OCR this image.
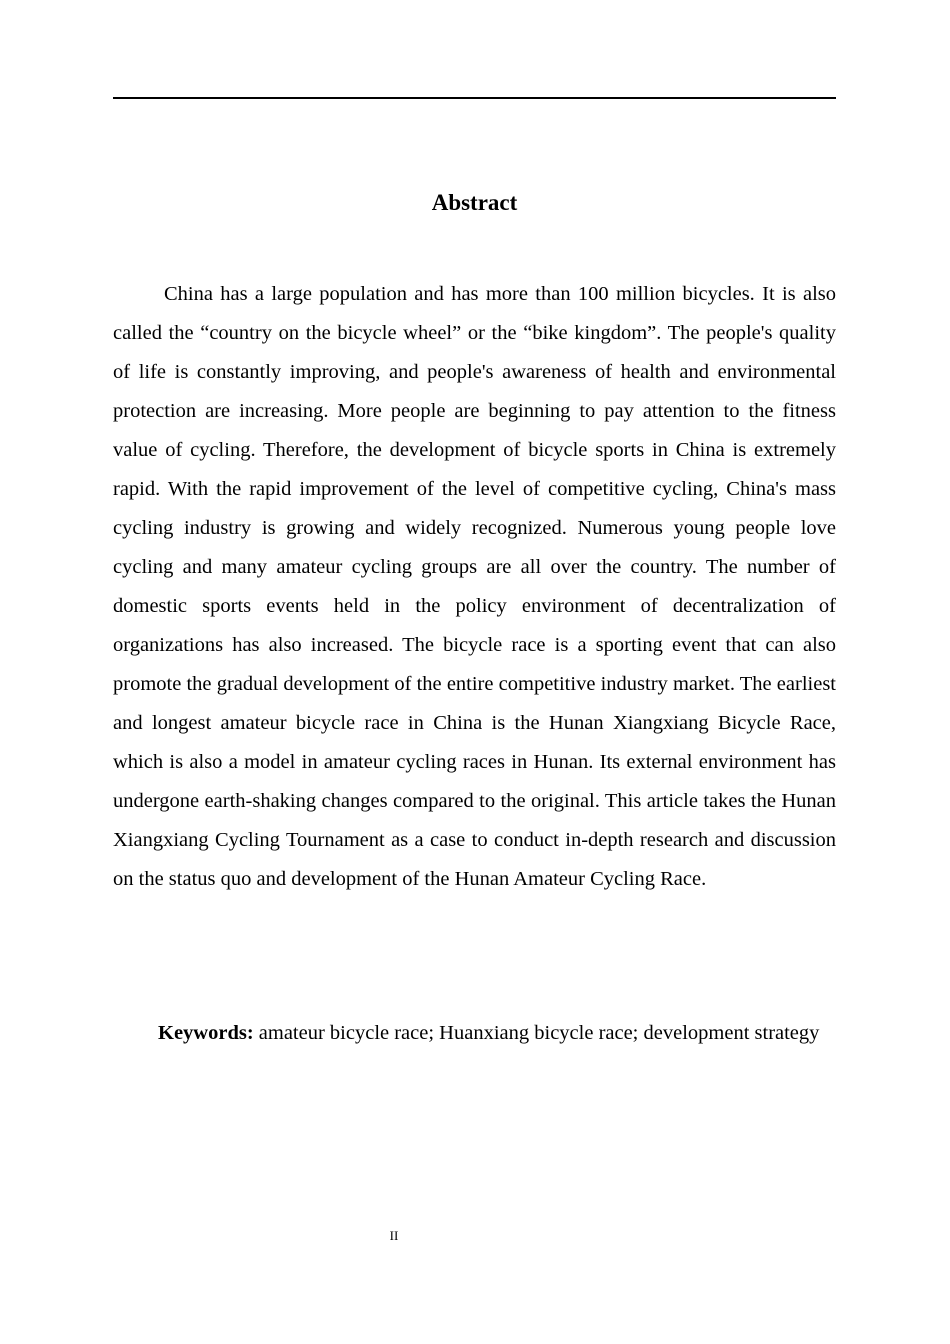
Abstract

China has a large population and has more than 100 million bicycles. It is also called the “country on the bicycle wheel” or the “bike kingdom”. The people's quality of life is constantly improving, and people's awareness of health and environmental protection are increasing. More people are beginning to pay attention to the fitness value of cycling. Therefore, the development of bicycle sports in China is extremely rapid. With the rapid improvement of the level of competitive cycling, China's mass cycling industry is growing and widely recognized. Numerous young people love cycling and many amateur cycling groups are all over the country. The number of domestic sports events held in the policy environment of decentralization of organizations has also increased. The bicycle race is a sporting event that can also promote the gradual development of the entire competitive industry market. The earliest and longest amateur bicycle race in China is the Hunan Xiangxiang Bicycle Race, which is also a model in amateur cycling races in Hunan. Its external environment has undergone earth-shaking changes compared to the original. This article takes the Hunan Xiangxiang Cycling Tournament as a case to conduct in-depth research and discussion on the status quo and development of the Hunan Amateur Cycling Race.

Keywords: amateur bicycle race; Huanxiang bicycle race; development strategy

II
